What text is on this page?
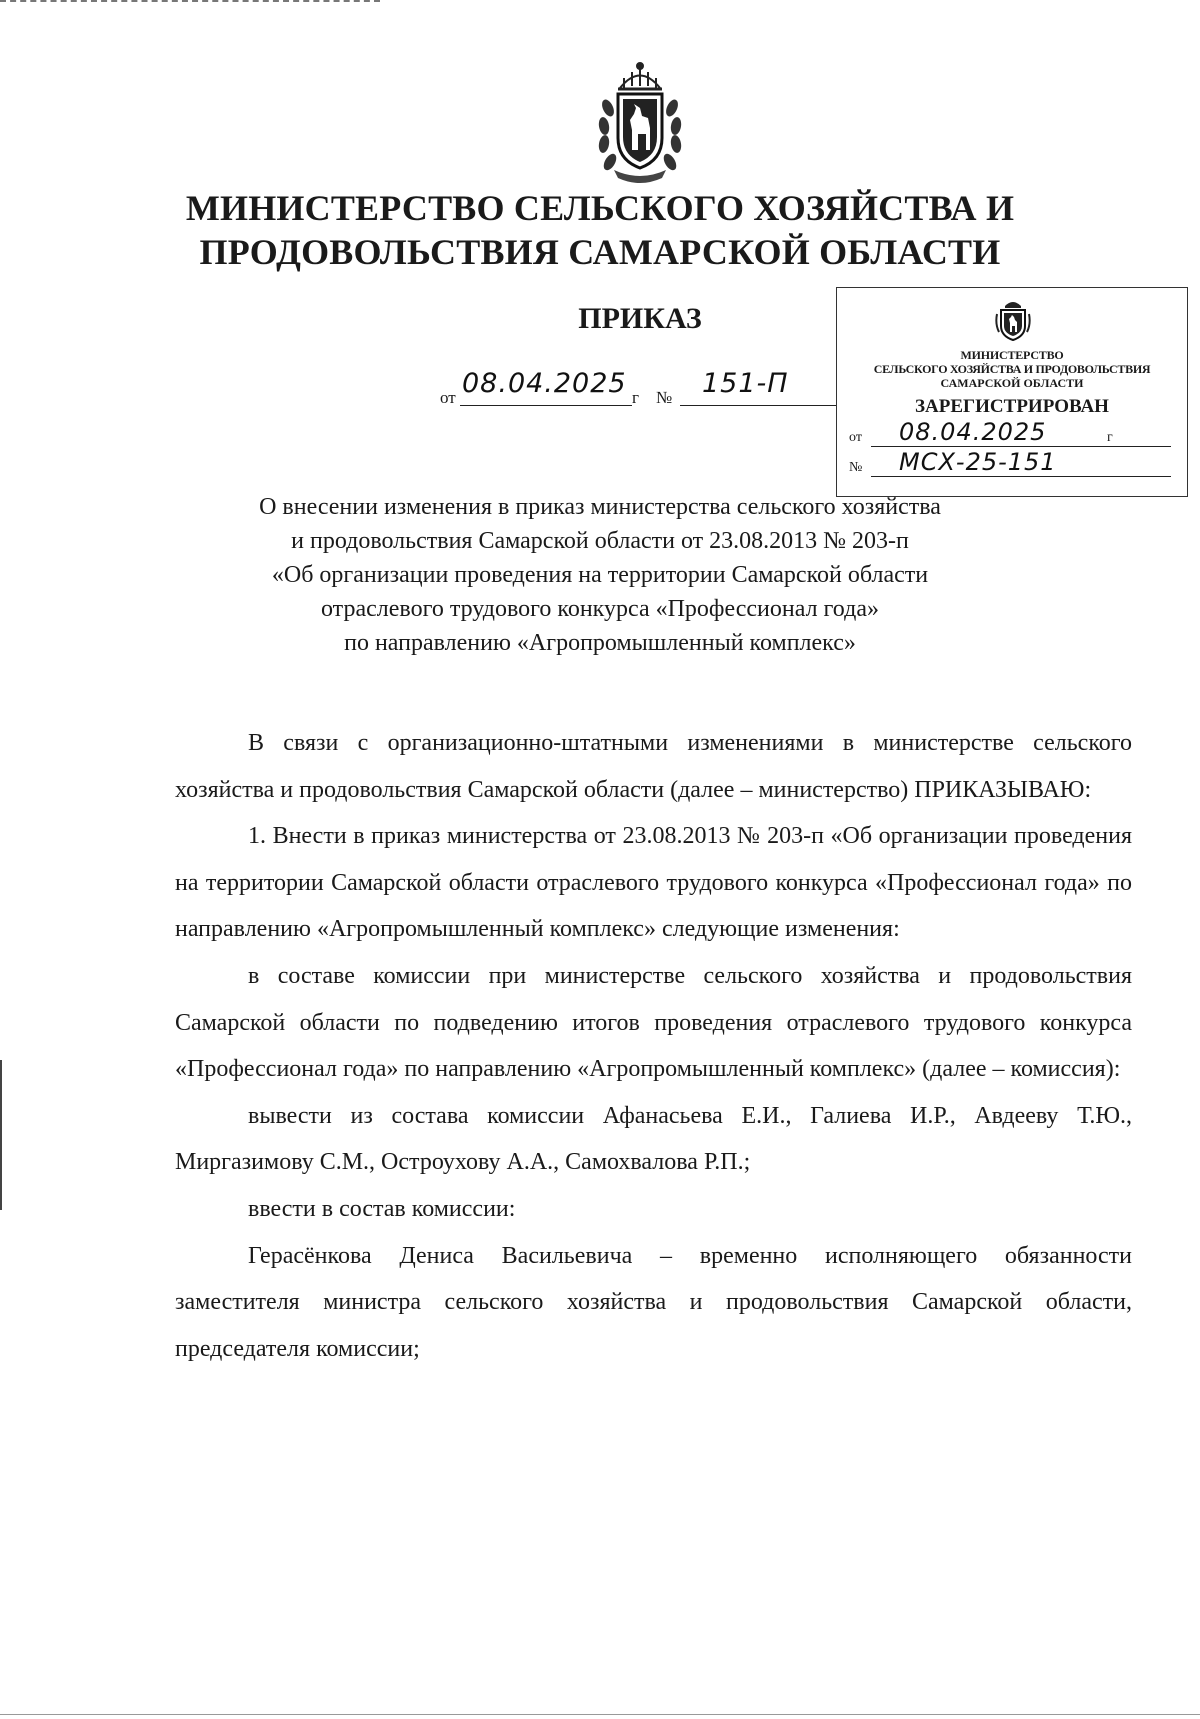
МИНИСТЕРСТВО СЕЛЬСКОГО ХОЗЯЙСТВА И
ПРОДОВОЛЬСТВИЯ САМАРСКОЙ ОБЛАСТИ
ПРИКАЗ
от 08.04.2025 г № 151-П
МИНИСТЕРСТВО
СЕЛЬСКОГО ХОЗЯЙСТВА И ПРОДОВОЛЬСТВИЯ
САМАРСКОЙ ОБЛАСТИ
ЗАРЕГИСТРИРОВАН
от 08.04.2025	г
№ МСХ-25-151
О внесении изменения в приказ министерства сельского хозяйства
и продовольствия Самарской области от 23.08.2013 № 203-п
«Об организации проведения на территории Самарской области
отраслевого трудового конкурса «Профессионал года»
по направлению «Агропромышленный комплекс»

В связи с организационно-штатными изменениями в министерстве сельского хозяйства и продовольствия Самарской области (далее – министерство) ПРИКАЗЫВАЮ:

1. Внести в приказ министерства от 23.08.2013 № 203-п «Об организации проведения на территории Самарской области отраслевого трудового конкурса «Профессионал года» по направлению «Агропромышленный комплекс» следующие изменения:

в составе комиссии при министерстве сельского хозяйства и продовольствия Самарской области по подведению итогов проведения отраслевого трудового конкурса «Профессионал года» по направлению «Агропромышленный комплекс» (далее – комиссия):

вывести из состава комиссии Афанасьева Е.И., Галиева И.Р., Авдееву Т.Ю., Миргазимову С.М., Остроухову А.А., Самохвалова Р.П.;

ввести в состав комиссии:

Герасёнкова Дениса Васильевича – временно исполняющего обязанности заместителя министра сельского хозяйства и продовольствия Самарской области, председателя комиссии;
